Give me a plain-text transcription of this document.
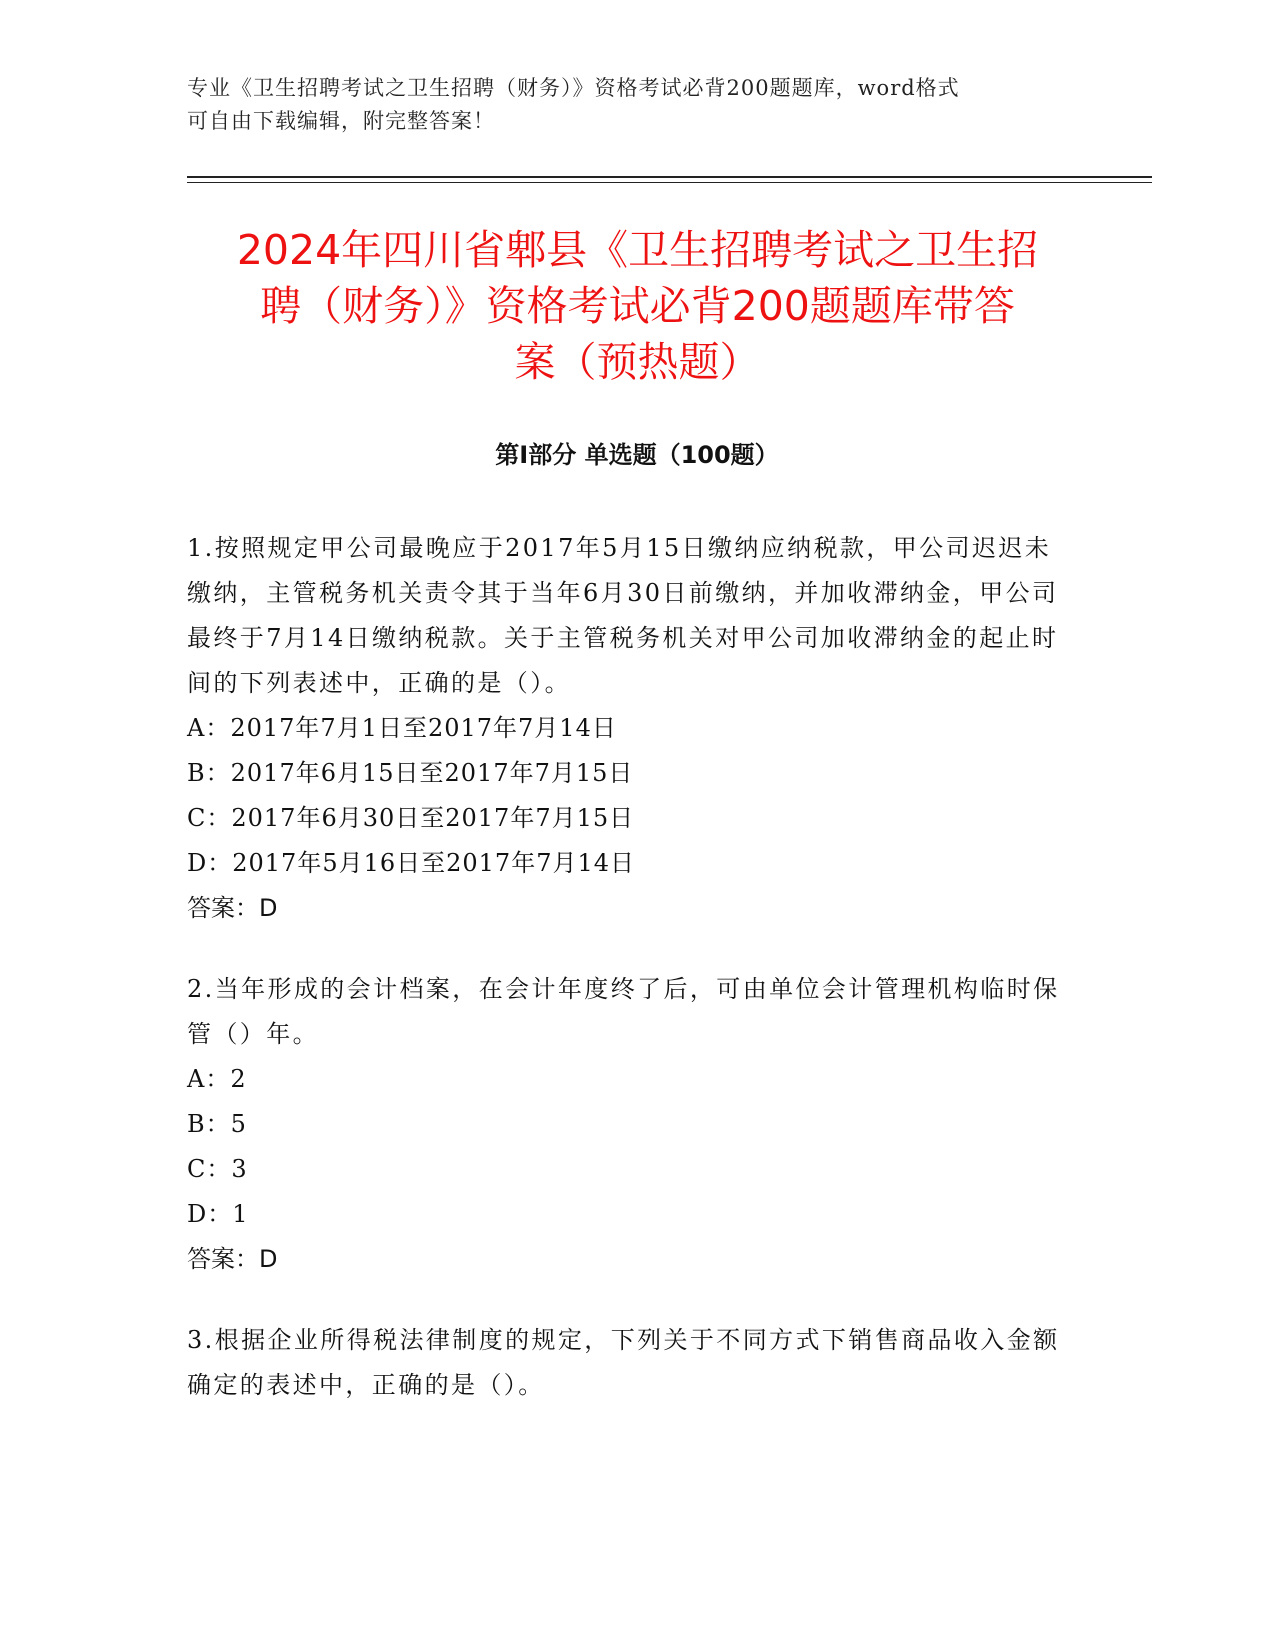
专业《卫生招聘考试之卫生招聘（财务）》资格考试必背200题题库，word格式
可自由下载编辑，附完整答案！
2024年四川省郫县《卫生招聘考试之卫生招
聘（财务）》资格考试必背200题题库带答
案（预热题）
第Ⅰ部分 单选题（100题）

1.按照规定甲公司最晚应于2017年5月15日缴纳应纳税款，甲公司迟迟未缴纳，主管税务机关责令其于当年6月30日前缴纳，并加收滞纳金，甲公司最终于7月14日缴纳税款。关于主管税务机关对甲公司加收滞纳金的起止时间的下列表述中，正确的是（）。

A：2017年7月1日至2017年7月14日

B：2017年6月15日至2017年7月15日

C：2017年6月30日至2017年7月15日

D：2017年5月16日至2017年7月14日

答案：D

2.当年形成的会计档案，在会计年度终了后，可由单位会计管理机构临时保管（）年。

A：2

B：5

C：3

D：1

答案：D

3.根据企业所得税法律制度的规定，下列关于不同方式下销售商品收入金额确定的表述中，正确的是（）。
